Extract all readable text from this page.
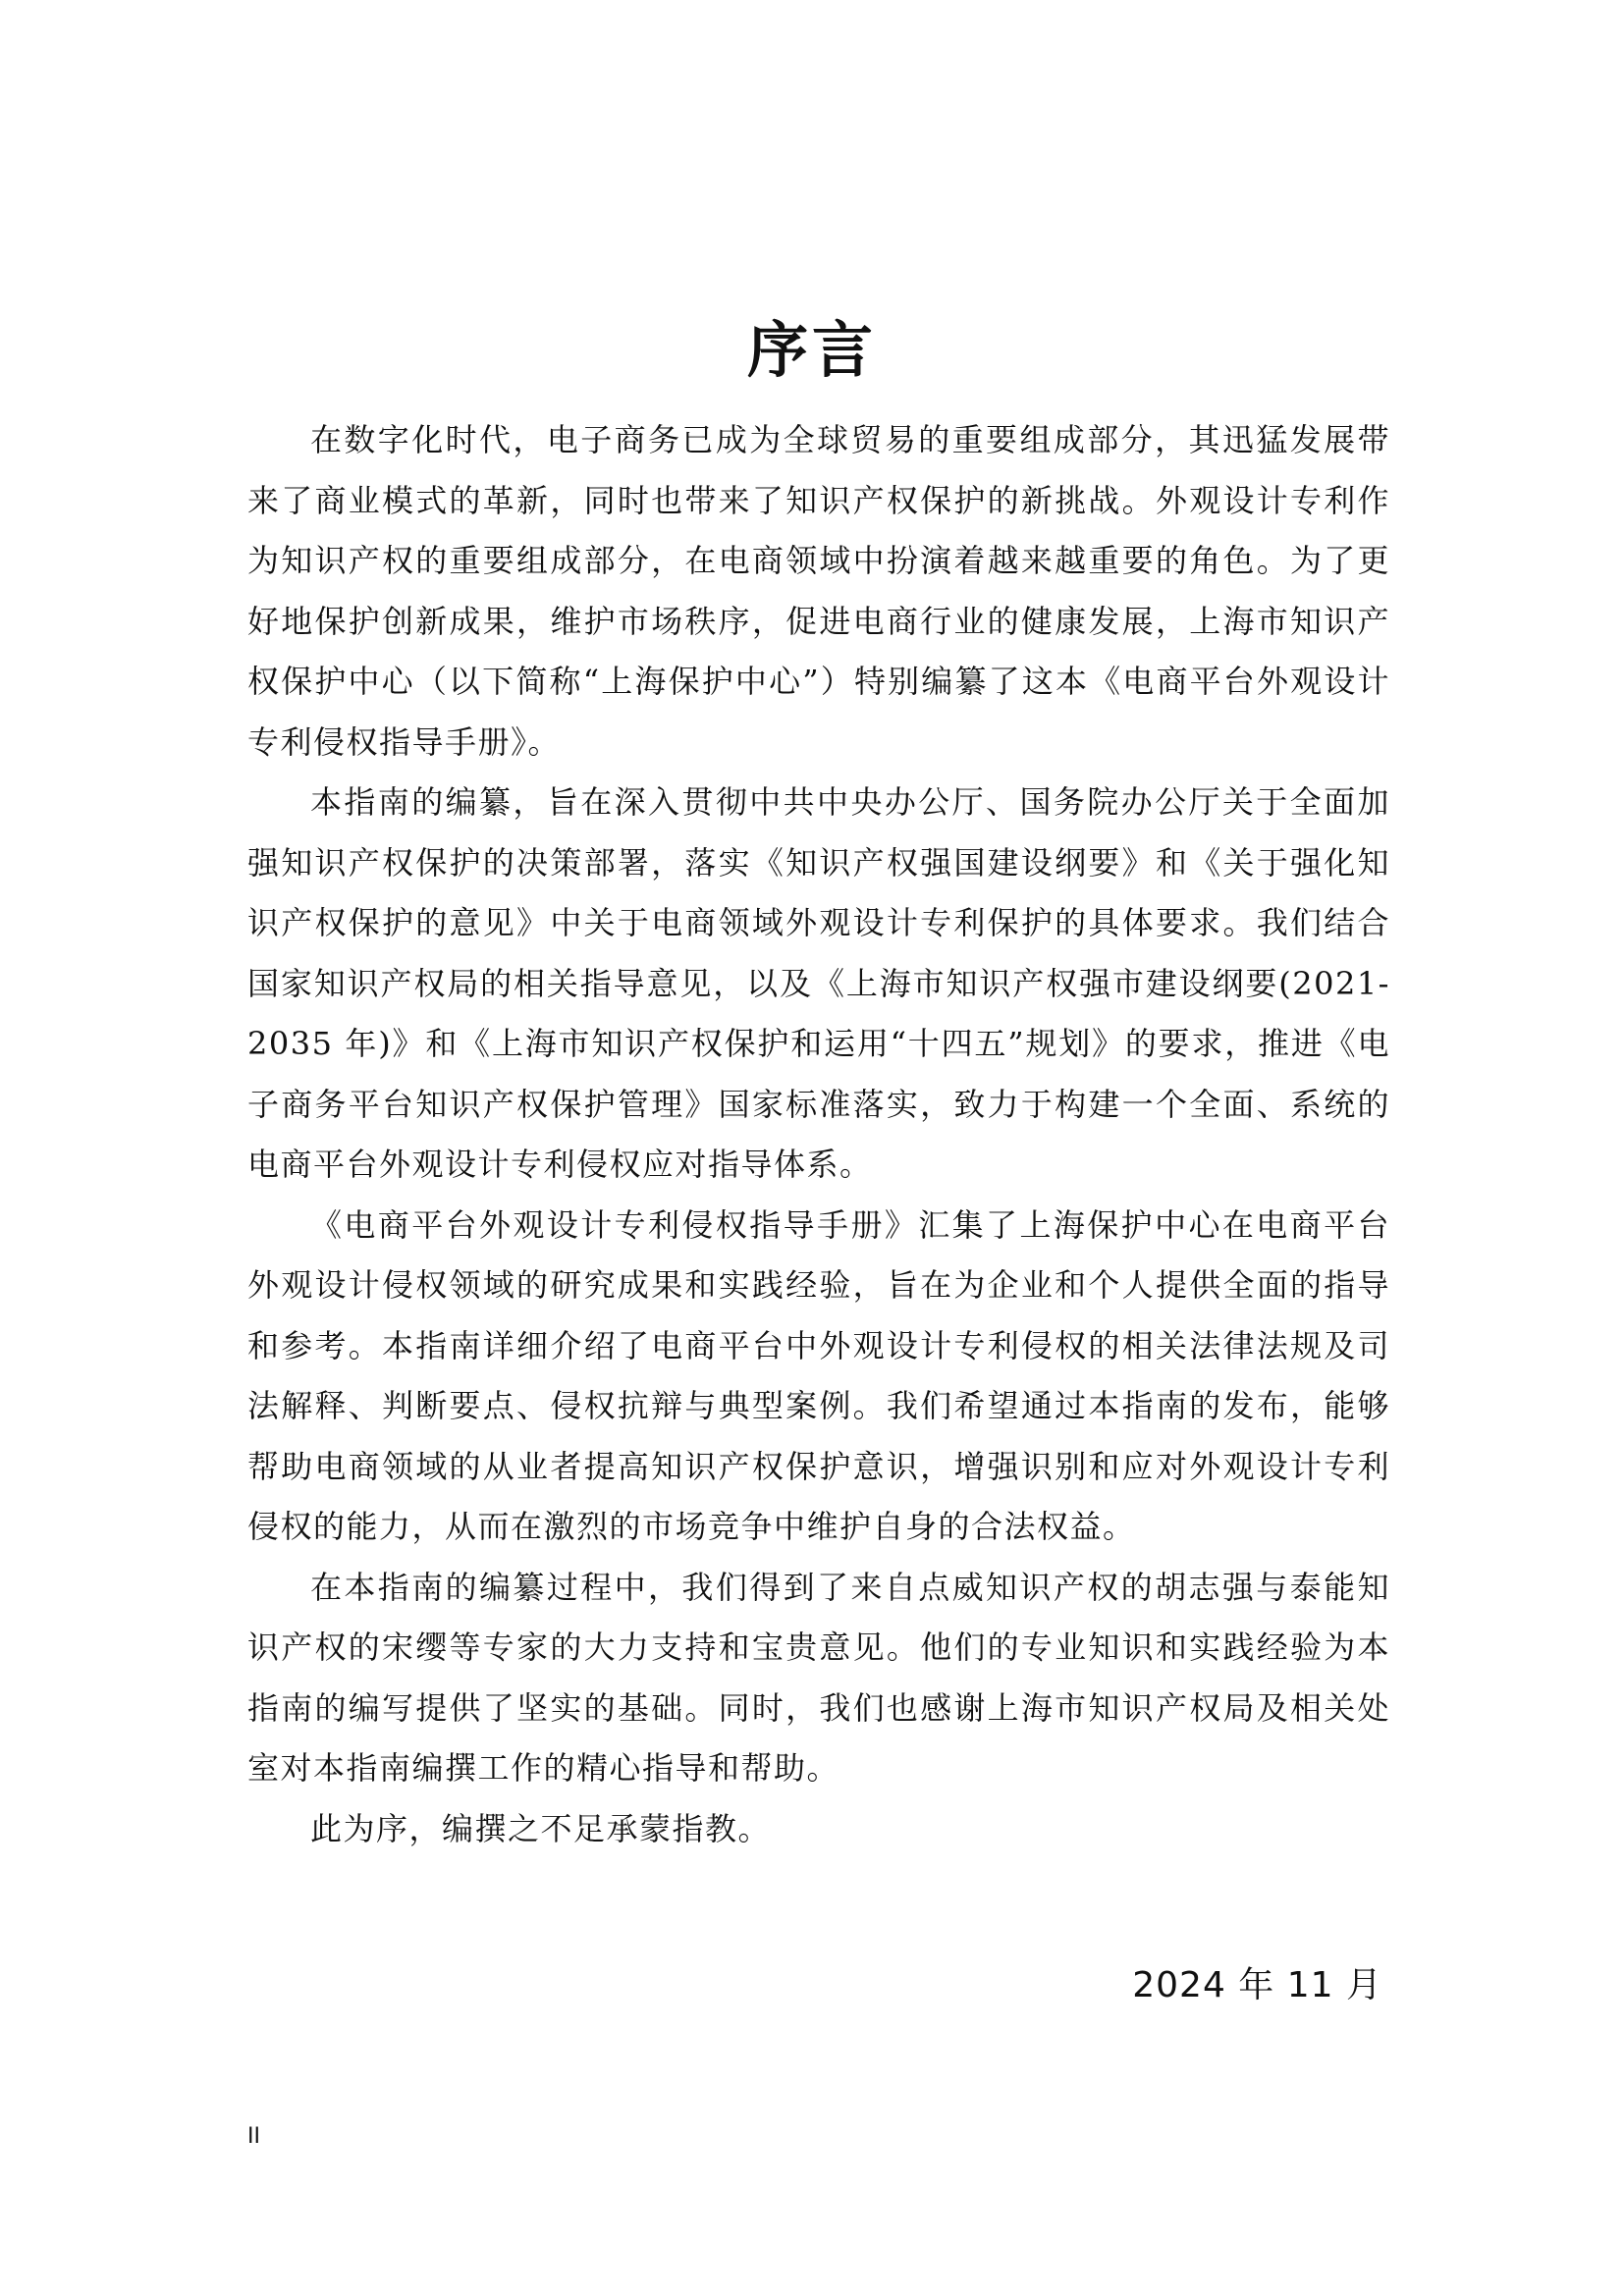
序言

在数字化时代，电子商务已成为全球贸易的重要组成部分，其迅猛发展带来了商业模式的革新，同时也带来了知识产权保护的新挑战。外观设计专利作为知识产权的重要组成部分，在电商领域中扮演着越来越重要的角色。为了更好地保护创新成果，维护市场秩序，促进电商行业的健康发展，上海市知识产权保护中心（以下简称“上海保护中心”）特别编纂了这本《电商平台外观设计专利侵权指导手册》。

本指南的编纂，旨在深入贯彻中共中央办公厅、国务院办公厅关于全面加强知识产权保护的决策部署，落实《知识产权强国建设纲要》和《关于强化知识产权保护的意见》中关于电商领域外观设计专利保护的具体要求。我们结合国家知识产权局的相关指导意见，以及《上海市知识产权强市建设纲要(2021-2035 年)》和《上海市知识产权保护和运用“十四五”规划》的要求，推进《电子商务平台知识产权保护管理》国家标准落实，致力于构建一个全面、系统的电商平台外观设计专利侵权应对指导体系。

《电商平台外观设计专利侵权指导手册》汇集了上海保护中心在电商平台外观设计侵权领域的研究成果和实践经验，旨在为企业和个人提供全面的指导和参考。本指南详细介绍了电商平台中外观设计专利侵权的相关法律法规及司法解释、判断要点、侵权抗辩与典型案例。我们希望通过本指南的发布，能够帮助电商领域的从业者提高知识产权保护意识，增强识别和应对外观设计专利侵权的能力，从而在激烈的市场竞争中维护自身的合法权益。

在本指南的编纂过程中，我们得到了来自点威知识产权的胡志强与泰能知识产权的宋缨等专家的大力支持和宝贵意见。他们的专业知识和实践经验为本指南的编写提供了坚实的基础。同时，我们也感谢上海市知识产权局及相关处室对本指南编撰工作的精心指导和帮助。

此为序，编撰之不足承蒙指教。

2024 年 11 月
II
